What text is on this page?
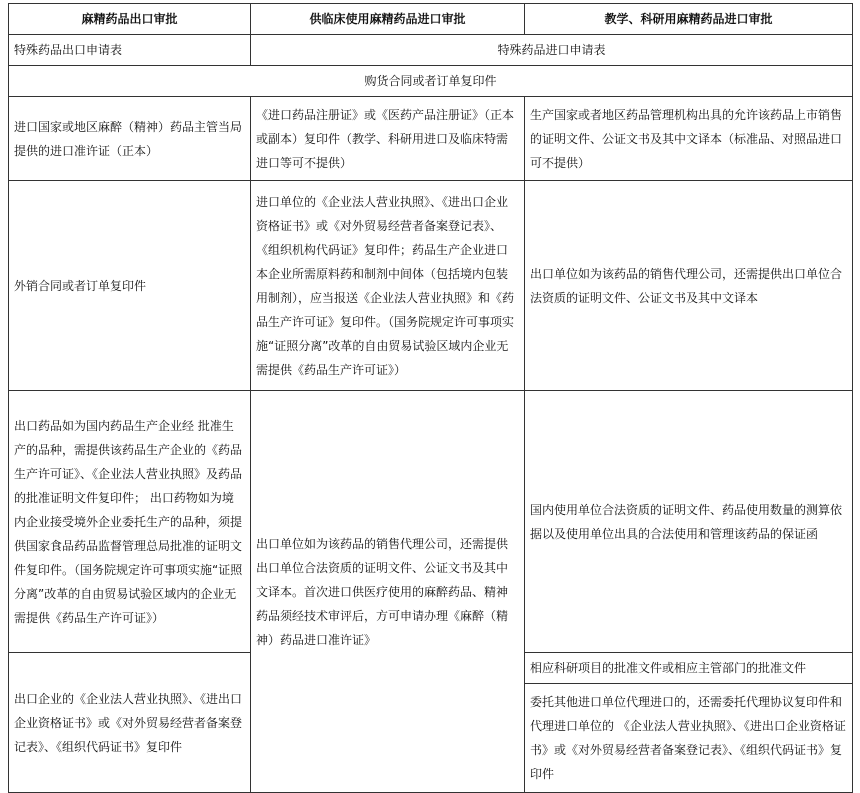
麻精药品出口审批	供临床使用麻精药品进口审批	教学、科研用麻精药品进口审批
特殊药品出口申请表	特殊药品进口申请表	
购货合同或者订单复印件		
进口国家或地区麻醉（精神）药品主管当局提供的进口准许证（正本）	《进口药品注册证》或《医药产品注册证》（正本或副本）复印件（教学、科研用进口及临床特需进口等可不提供）	生产国家或者地区药品管理机构出具的允许该药品上市销售的证明文件、公证文书及其中文译本（标准品、对照品进口可不提供）
外销合同或者订单复印件	进口单位的《企业法人营业执照》、《进出口企业资格证书》或《对外贸易经营者备案登记表》、《组织机构代码证》复印件；药品生产企业进口本企业所需原料药和制剂中间体（包括境内包装用制剂），应当报送《企业法人营业执照》和《药品生产许可证》复印件。（国务院规定许可事项实施“证照分离”改革的自由贸易试验区域内企业无需提供《药品生产许可证》）	出口单位如为该药品的销售代理公司，还需提供出口单位合法资质的证明文件、公证文书及其中文译本
出口药品如为国内药品生产企业经 批准生产的品种，需提供该药品生产企业的《药品生产许可证》、《企业法人营业执照》及药品的批准证明文件复印件； 出口药物如为境内企业接受境外企业委托生产的品种，须提供国家食品药品监督管理总局批准的证明文件复印件。（国务院规定许可事项实施“证照分离”改革的自由贸易试验区域内的企业无需提供《药品生产许可证》）	出口单位如为该药品的销售代理公司，还需提供出口单位合法资质的证明文件、公证文书及其中文译本。首次进口供医疗使用的麻醉药品、精神药品须经技术审评后，方可申请办理《麻醉（精神）药品进口准许证》	国内使用单位合法资质的证明文件、药品使用数量的测算依据以及使用单位出具的合法使用和管理该药品的保证函
出口企业的《企业法人营业执照》、《进出口企业资格证书》或《对外贸易经营者备案登记表》、《组织代码证书》复印件		相应科研项目的批准文件或相应主管部门的批准文件
		委托其他进口单位代理进口的，还需委托代理协议复印件和代理进口单位的 《企业法人营业执照》、《进出口企业资格证书》或《对外贸易经营者备案登记表》、《组织代码证书》复印件
